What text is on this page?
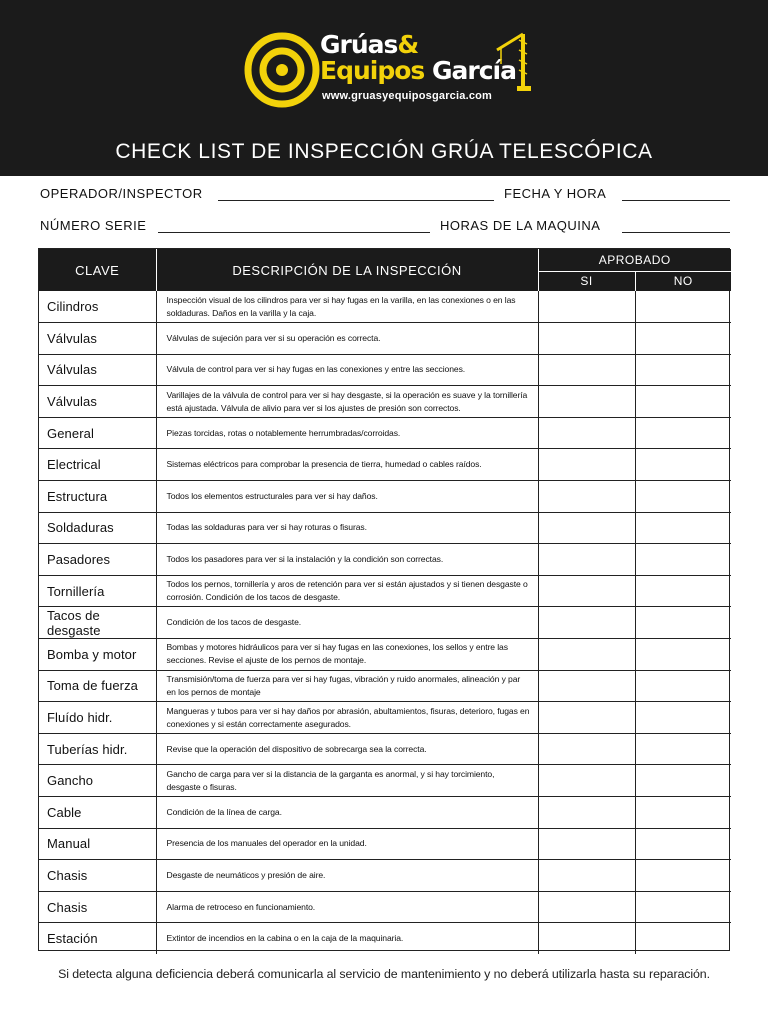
Grúas&
Equipos García
www.gruasyequiposgarcia.com
CHECK LIST DE INSPECCIÓN GRÚA TELESCÓPICA
OPERADOR/INSPECTOR	FECHA Y HORA
NÚMERO SERIE	HORAS DE LA MAQUINA
CLAVE	DESCRIPCIÓN DE LA INSPECCIÓN	APROBADO	
		SI	NO
Cilindros	Inspección visual de los cilindros para ver si hay fugas en la varilla, en las conexiones o en las soldaduras. Daños en la varilla y la caja.		
Válvulas	Válvulas de sujeción para ver si su operación es correcta.		
Válvulas	Válvula de control para ver si hay fugas en las conexiones y entre las secciones.		
Válvulas	Varillajes de la válvula de control para ver si hay desgaste, si la operación es suave y la tornillería está ajustada. Válvula de alivio para ver si los ajustes de presión son correctos.		
General	Piezas torcidas, rotas o notablemente herrumbradas/corroidas.		
Electrical	Sistemas eléctricos para comprobar la presencia de tierra, humedad o cables raídos.		
Estructura	Todos los elementos estructurales para ver si hay daños.		
Soldaduras	Todas las soldaduras para ver si hay roturas o fisuras.		
Pasadores	Todos los pasadores para ver si la instalación y la condición son correctas.		
Tornillería	Todos los pernos, tornillería y aros de retención para ver si están ajustados y si tienen desgaste o corrosión. Condición de los tacos de desgaste.		
Tacos de desgaste	Condición de los tacos de desgaste.		
Bomba y motor	Bombas y motores hidráulicos para ver si hay fugas en las conexiones, los sellos y entre las secciones. Revise el ajuste de los pernos de montaje.		
Toma de fuerza	Transmisión/toma de fuerza para ver si hay fugas, vibración y ruido anormales, alineación y par en los pernos de montaje		
Fluído hidr.	Mangueras y tubos para ver si hay daños por abrasión, abultamientos, fisuras, deterioro, fugas en conexiones y si están correctamente asegurados.		
Tuberías hidr.	Revise que la operación del dispositivo de sobrecarga sea la correcta.		
Gancho	Gancho de carga para ver si la distancia de la garganta es anormal, y si hay torcimiento, desgaste o fisuras.		
Cable	Condición de la línea de carga.		
Manual	Presencia de los manuales del operador en la unidad.		
Chasis	Desgaste de neumáticos y presión de aire.		
Chasis	Alarma de retroceso en funcionamiento.		
Estación	Extintor de incendios en la cabina o en la caja de la maquinaria.		
Si detecta alguna deficiencia deberá comunicarla al servicio de mantenimiento y no deberá utilizarla hasta su reparación.
